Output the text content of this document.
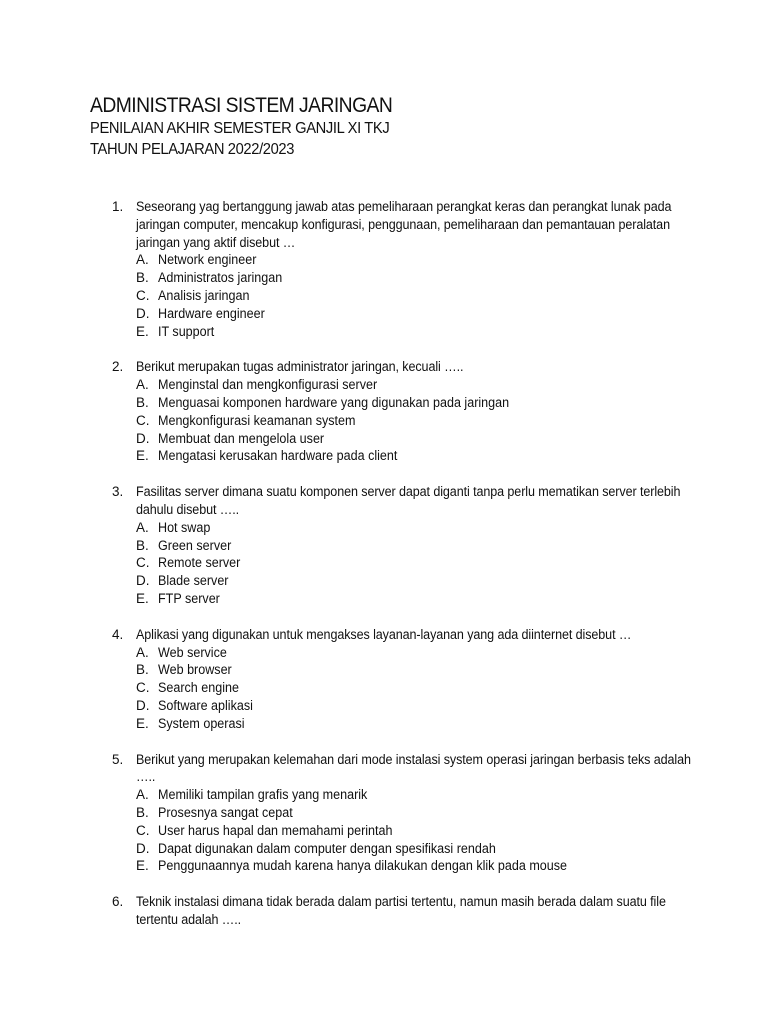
ADMINISTRASI SISTEM JARINGAN
PENILAIAN AKHIR SEMESTER GANJIL XI TKJ
TAHUN PELAJARAN 2022/2023
1. Seseorang yag bertanggung jawab atas pemeliharaan perangkat keras dan perangkat lunak pada jaringan computer, mencakup konfigurasi, penggunaan, pemeliharaan dan pemantauan peralatan jaringan yang aktif disebut …
A. Network engineer
B. Administratos jaringan
C. Analisis jaringan
D. Hardware engineer
E. IT support
2. Berikut merupakan tugas administrator jaringan, kecuali …..
A. Menginstal dan mengkonfigurasi server
B. Menguasai komponen hardware yang digunakan pada jaringan
C. Mengkonfigurasi keamanan system
D. Membuat dan mengelola user
E. Mengatasi kerusakan hardware pada client
3. Fasilitas server dimana suatu komponen server dapat diganti tanpa perlu mematikan server terlebih dahulu disebut …..
A. Hot swap
B. Green server
C. Remote server
D. Blade server
E. FTP server
4. Aplikasi yang digunakan untuk mengakses layanan-layanan yang ada diinternet disebut …
A. Web service
B. Web browser
C. Search engine
D. Software aplikasi
E. System operasi
5. Berikut yang merupakan kelemahan dari mode instalasi system operasi jaringan berbasis teks adalah …..
A. Memiliki tampilan grafis yang menarik
B. Prosesnya sangat cepat
C. User harus hapal dan memahami perintah
D. Dapat digunakan dalam computer dengan spesifikasi rendah
E. Penggunaannya mudah karena hanya dilakukan dengan klik pada mouse
6. Teknik instalasi dimana tidak berada dalam partisi tertentu, namun masih berada dalam suatu file tertentu adalah …..
